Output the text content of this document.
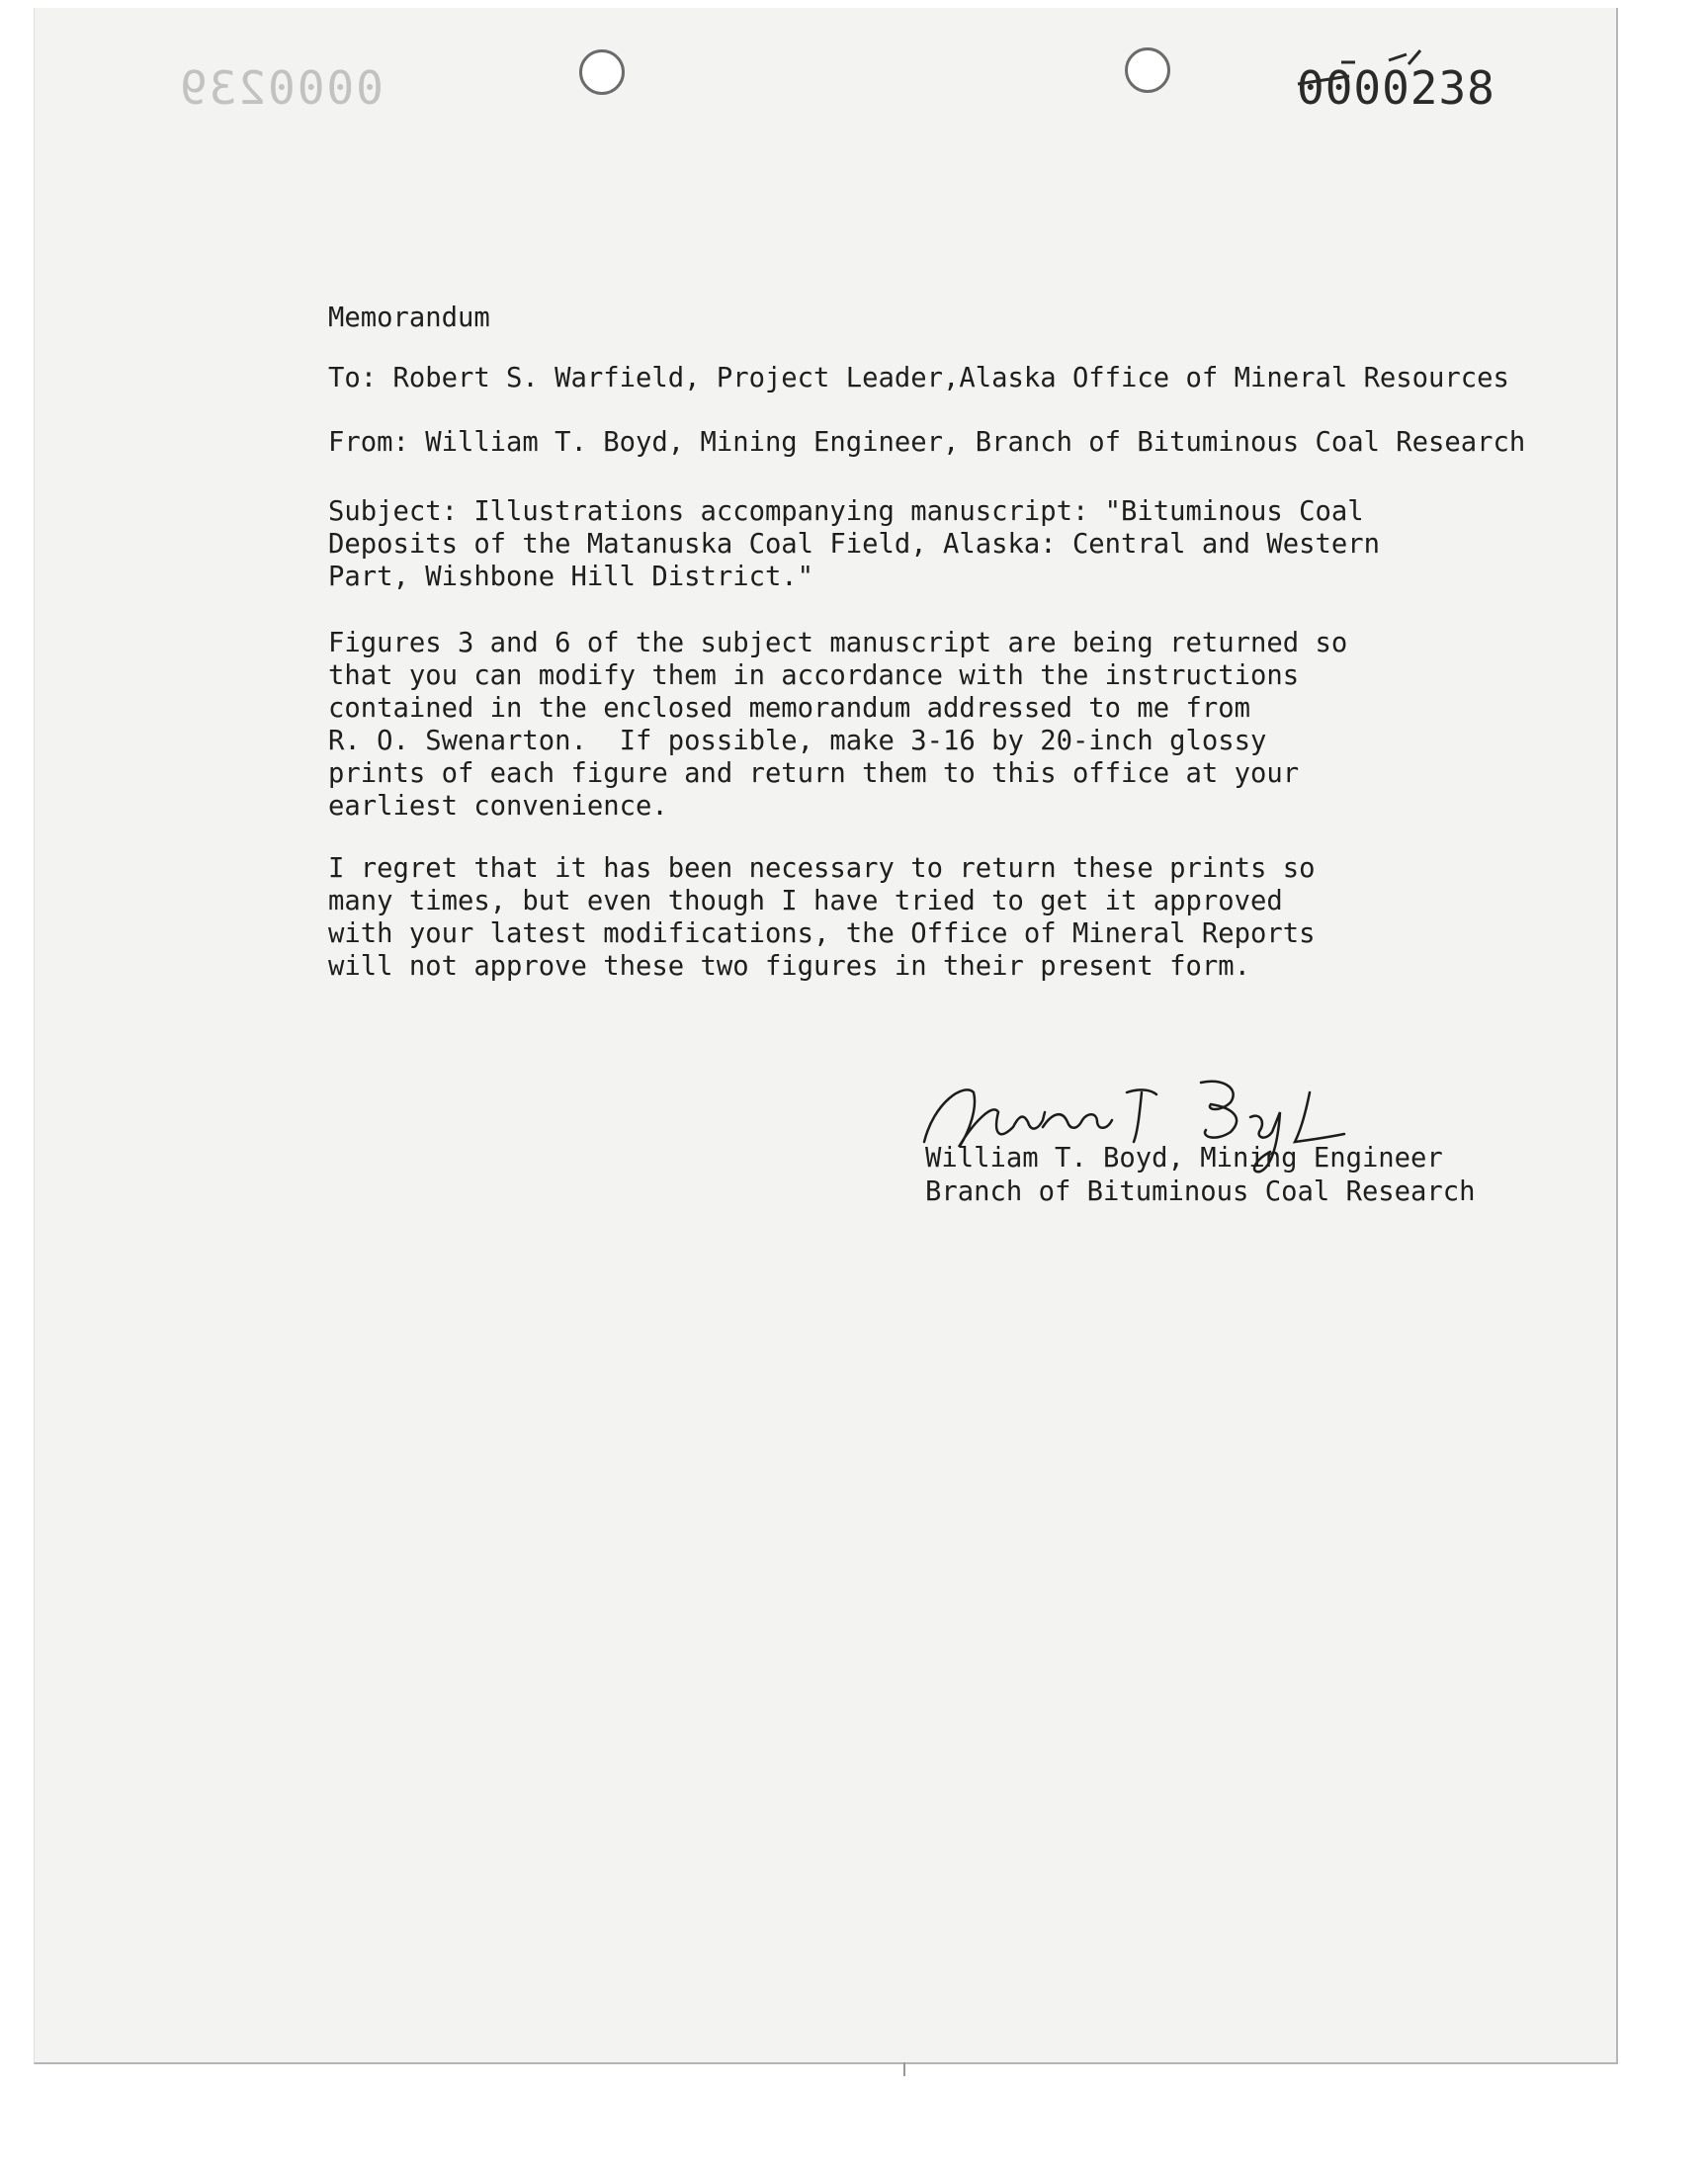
0000239	0000238
Memorandum
To: Robert S. Warfield, Project Leader,Alaska Office of Mineral Resources
From: William T. Boyd, Mining Engineer, Branch of Bituminous Coal Research
Subject: Illustrations accompanying manuscript: "Bituminous Coal
Deposits of the Matanuska Coal Field, Alaska: Central and Western
Part, Wishbone Hill District."
Figures 3 and 6 of the subject manuscript are being returned so
that you can modify them in accordance with the instructions
contained in the enclosed memorandum addressed to me from
R. O. Swenarton.  If possible, make 3-16 by 20-inch glossy
prints of each figure and return them to this office at your
earliest convenience.
I regret that it has been necessary to return these prints so
many times, but even though I have tried to get it approved
with your latest modifications, the Office of Mineral Reports
will not approve these two figures in their present form.
William T. Boyd
William T. Boyd, Mining Engineer
Branch of Bituminous Coal Research
